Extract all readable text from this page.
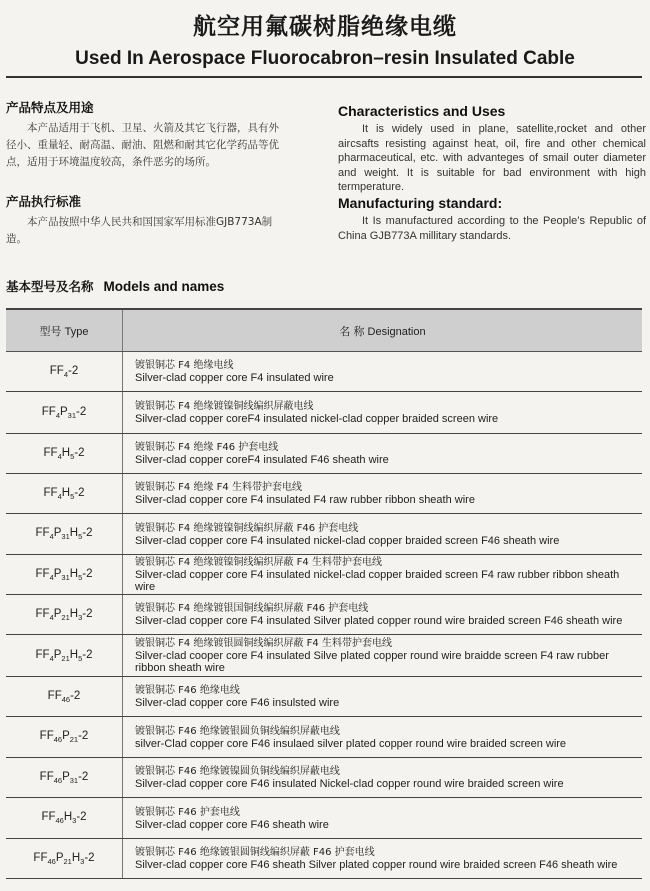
航空用氟碳树脂绝缘电缆
Used In Aerospace Fluorocabron–resin Insulated Cable
产品特点及用途
本产品适用于飞机、卫星、火箭及其它飞行器，具有外
径小、重量轻、耐高温、耐油、阻燃和耐其它化学药品等优
点，适用于环境温度较高，条件恶劣的场所。
Characteristics and Uses
It is widely used in plane, satellite,rocket and other aircsafts resisting against heat, oil, fire and other chemical pharmaceutical, etc. with advanteges of smail outer diameter and weight. It is suitable for bad environment with high termperature.
产品执行标准
本产品按照中华人民共和国国家军用标准GJB773A制
造。
Manufacturing standard:
It Is manufactured according to the People’s Republic of China GJB773A millitary standards.
基本型号及名称 Models and names
型号 Type	名 称 Designation
$FF_4-2$	镀银铜芯 F4 绝缘电线
Silver-clad copper core F4 insulated wire

$FF_4P_{31}-2$	镀银铜芯 F4 绝缘镀镍铜线编织屏蔽电线
Silver-clad copper coreF4 insulated nickel-clad copper braided screen wire

$FF_4H_5-2$	镀银铜芯 F4 绝缘 F46 护套电线
Silver-clad copper coreF4 insulated F46 sheath wire

$FF_4H_5-2$	镀银铜芯 F4 绝缘 F4 生料带护套电线
Silver-clad copper core F4 insulated F4 raw rubber ribbon sheath wire

$FF_4P_{31}H_5-2$	镀银铜芯 F4 绝缘镀镍铜线编织屏蔽 F46 护套电线
Silver-clad copper core F4 insulated nickel-clad copper braided screen F46 sheath wire

$FF_4P_{31}H_5-2$	镀银铜芯 F4 绝缘镀镍铜线编织屏蔽 F4 生料带护套电线
Silver-clad copper core F4 insulated nickel-clad copper braided screen F4 raw rubber ribbon sheath wire

$FF_4P_{21}H_3-2$	镀银铜芯 F4 绝缘镀银国铜线编织屏蔽 F46 护套电线
Silver-clad copper core F4 insulated Silver plated copper round wire braided screen F46 sheath wire

$FF_4P_{21}H_5-2$	镀银铜芯 F4 绝缘镀银圆铜线编织屏蔽 F4 生料带护套电线
Silver-clad cooper core F4 insulated Silve plated copper round wire braidde screen F4 raw rubber ribbon sheath wire

$FF_{46}-2$	镀银铜芯 F46 绝缘电线
Silver-clad copper core F46 insulsted wire

$FF_{46}P_{21}-2$	镀银铜芯 F46 绝缘镀银圆负铜线编织屏蔽电线
silver-Clad copper core F46 insulaed silver plated copper round wire braided screen wire

$FF_{46}P_{31}-2$	镀银铜芯 F46 绝缘镀镍圆负铜线编织屏蔽电线
Silver-clad copper core F46 insulated Nickel-clad copper round wire braided screen wire

$FF_{46}H_3-2$	镀银铜芯 F46 护套电线
Silver-clad copper core F46 sheath wire

$FF_{46}P_{21}H_3-2$	镀银铜芯 F46 绝缘镀银圆铜线编织屏蔽 F46 护套电线
Silver-clad copper core F46 sheath Silver plated copper round wire braided screen F46 sheath wire
